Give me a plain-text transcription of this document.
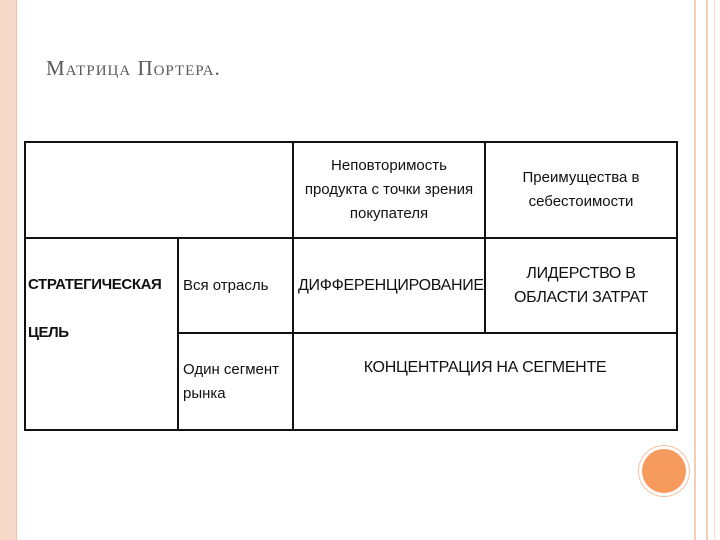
Матрица Портера.
		Неповторимость продукта с точки зрения покупателя	Преимущества в себестоимости
СТРАТЕГИЧЕСКАЯ ЦЕЛЬ	Вся отрасль	ДИФФЕРЕНЦИРОВАНИЕ	ЛИДЕРСТВО В ОБЛАСТИ ЗАТРАТ
	Один сегмент рынка	КОНЦЕНТРАЦИЯ НА СЕГМЕНТЕ	
